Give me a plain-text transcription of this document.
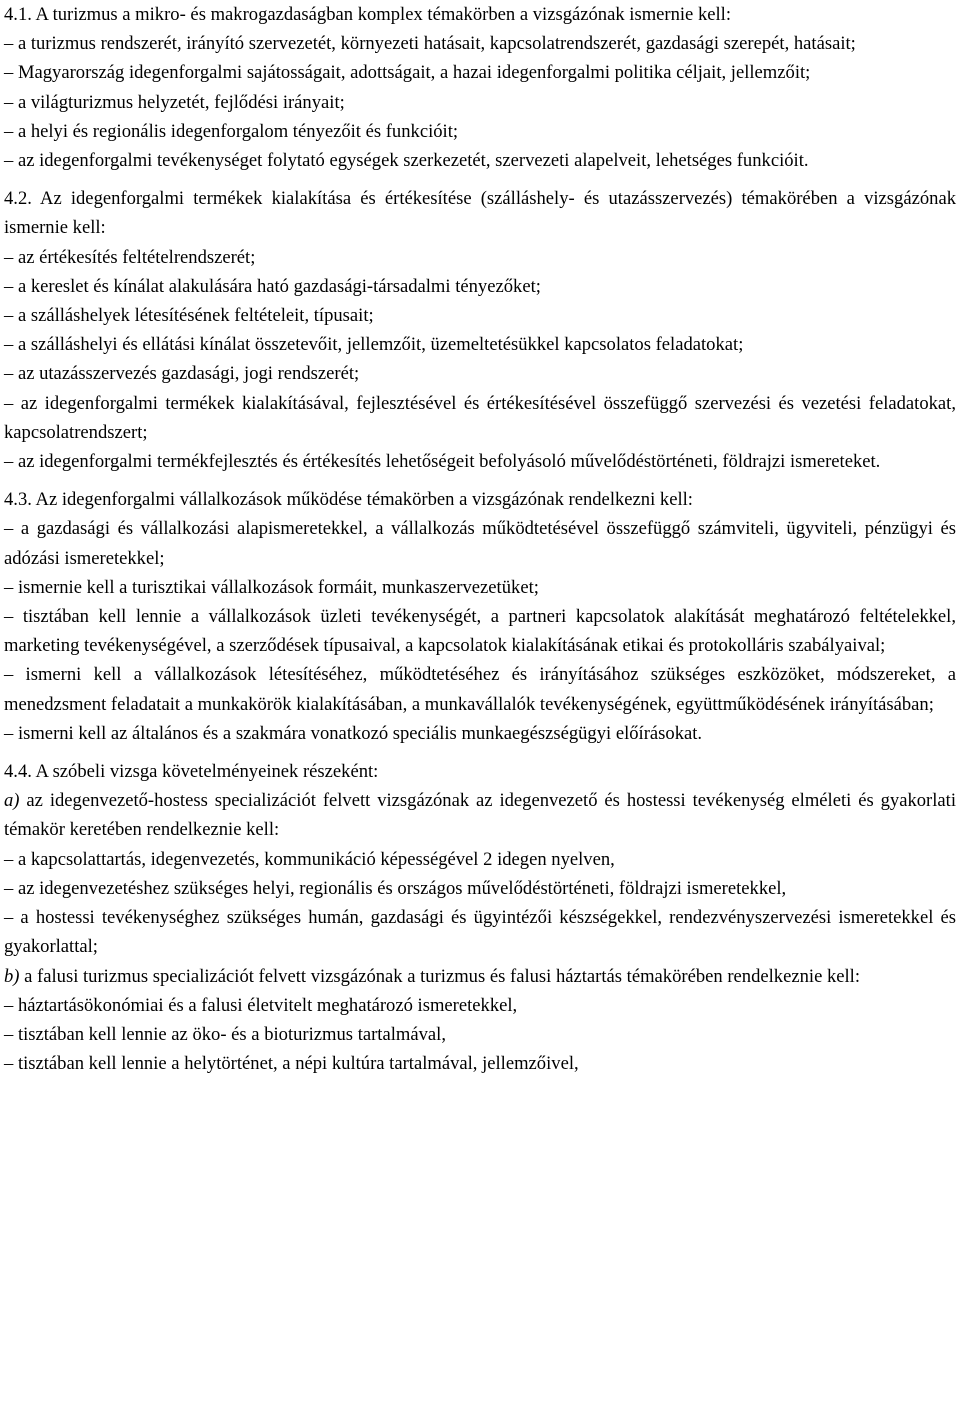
4.1. A turizmus a mikro- és makrogazdaságban komplex témakörben a vizsgázónak ismernie kell:

– a turizmus rendszerét, irányító szervezetét, környezeti hatásait, kapcsolatrendszerét, gazdasági szerepét, hatásait;

– Magyarország idegenforgalmi sajátosságait, adottságait, a hazai idegenforgalmi politika céljait, jellemzőit;

– a világturizmus helyzetét, fejlődési irányait;

– a helyi és regionális idegenforgalom tényezőit és funkcióit;

– az idegenforgalmi tevékenységet folytató egységek szerkezetét, szervezeti alapelveit, lehetséges funkcióit.

4.2. Az idegenforgalmi termékek kialakítása és értékesítése (szálláshely- és utazásszervezés) témakörében a vizsgázónak ismernie kell:

– az értékesítés feltételrendszerét;

– a kereslet és kínálat alakulására ható gazdasági-társadalmi tényezőket;

– a szálláshelyek létesítésének feltételeit, típusait;

– a szálláshelyi és ellátási kínálat összetevőit, jellemzőit, üzemeltetésükkel kapcsolatos feladatokat;

– az utazásszervezés gazdasági, jogi rendszerét;

– az idegenforgalmi termékek kialakításával, fejlesztésével és értékesítésével összefüggő szervezési és vezetési feladatokat, kapcsolatrendszert;

– az idegenforgalmi termékfejlesztés és értékesítés lehetőségeit befolyásoló művelődéstörténeti, földrajzi ismereteket.

4.3. Az idegenforgalmi vállalkozások működése témakörben a vizsgázónak rendelkezni kell:

– a gazdasági és vállalkozási alapismeretekkel, a vállalkozás működtetésével összefüggő számviteli, ügyviteli, pénzügyi és adózási ismeretekkel;

– ismernie kell a turisztikai vállalkozások formáit, munkaszervezetüket;

– tisztában kell lennie a vállalkozások üzleti tevékenységét, a partneri kapcsolatok alakítását meghatározó feltételekkel, marketing tevékenységével, a szerződések típusaival, a kapcsolatok kialakításának etikai és protokolláris szabályaival;

– ismerni kell a vállalkozások létesítéséhez, működtetéséhez és irányításához szükséges eszközöket, módszereket, a menedzsment feladatait a munkakörök kialakításában, a munkavállalók tevékenységének, együttműködésének irányításában;

– ismerni kell az általános és a szakmára vonatkozó speciális munkaegészségügyi előírásokat.

4.4. A szóbeli vizsga követelményeinek részeként:

a) az idegenvezető-hostess specializációt felvett vizsgázónak az idegenvezető és hostessi tevékenység elméleti és gyakorlati témakör keretében rendelkeznie kell:

– a kapcsolattartás, idegenvezetés, kommunikáció képességével 2 idegen nyelven,

– az idegenvezetéshez szükséges helyi, regionális és országos művelődéstörténeti, földrajzi ismeretekkel,

– a hostessi tevékenységhez szükséges humán, gazdasági és ügyintézői készségekkel, rendezvényszervezési ismeretekkel és gyakorlattal;

b) a falusi turizmus specializációt felvett vizsgázónak a turizmus és falusi háztartás témakörében rendelkeznie kell:

– háztartásökonómiai és a falusi életvitelt meghatározó ismeretekkel,

– tisztában kell lennie az öko- és a bioturizmus tartalmával,

– tisztában kell lennie a helytörténet, a népi kultúra tartalmával, jellemzőivel,
